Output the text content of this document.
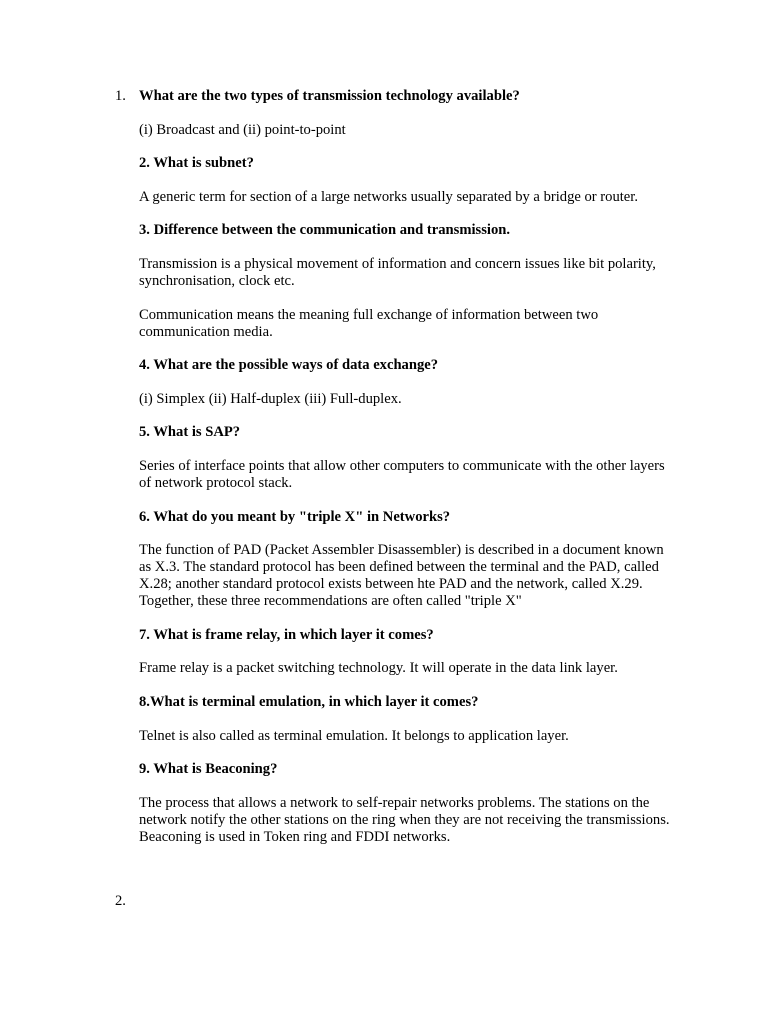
1.
2.

What are the two types of transmission technology available?

(i) Broadcast and (ii) point-to-point

2. What is subnet?

A generic term for section of a large networks usually separated by a bridge or router.

3. Difference between the communication and transmission.

Transmission is a physical movement of information and concern issues like bit polarity, synchronisation, clock etc.

Communication means the meaning full exchange of information between two communication media.

4. What are the possible ways of data exchange?

(i) Simplex (ii) Half-duplex (iii) Full-duplex.

5. What is SAP?

Series of interface points that allow other computers to communicate with the other layers of network protocol stack.

6. What do you meant by "triple X" in Networks?

The function of PAD (Packet Assembler Disassembler) is described in a document known as X.3. The standard protocol has been defined between the terminal and the PAD, called X.28; another standard protocol exists between hte PAD and the network, called X.29. Together, these three recommendations are often called "triple X"

7. What is frame relay, in which layer it comes?

Frame relay is a packet switching technology. It will operate in the data link layer.

8.What is terminal emulation, in which layer it comes?

Telnet is also called as terminal emulation. It belongs to application layer.

9. What is Beaconing?

The process that allows a network to self-repair networks problems. The stations on the network notify the other stations on the ring when they are not receiving the transmissions. Beaconing is used in Token ring and FDDI networks.
